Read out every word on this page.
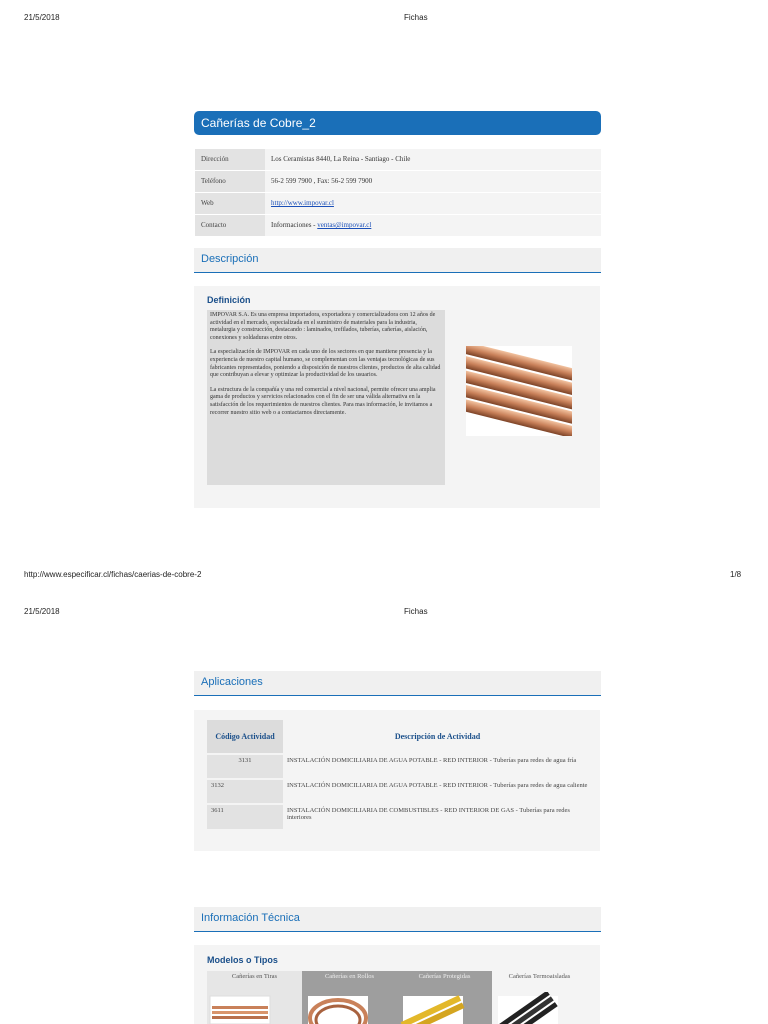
21/5/2018	Fichas
Cañerías de Cobre_2
Dirección	Los Ceramistas 8440, La Reina - Santiago - Chile
Teléfono	56-2 599 7900 , Fax: 56-2 599 7900
Web	http://www.impovar.cl
Contacto	Informaciones - ventas@impovar.cl
Descripción
Definición

IMPOVAR S.A. Es una empresa importadora, exportadora y comercializadora con 12 años de actividad en el mercado, especializada en el suministro de materiales para la industria, metalurgia y construcción, destacando : laminados, trefilados, tuberías, cañerías, aislación, conexiones y soldaduras entre otros.

La especialización de IMPOVAR en cada uno de los sectores en que mantiene presencia y la experiencia de nuestro capital humano, se complementan con las ventajas tecnológicas de sus fabricantes representados, poniendo a disposición de nuestros clientes, productos de alta calidad que contribuyan a elevar y optimizar la productividad de los usuarios.

La estructura de la compañía y una red comercial a nivel nacional, permite ofrecer una amplia gama de productos y servicios relacionados con el fin de ser una válida alternativa en la satisfacción de los requerimientos de nuestros clientes. Para mas información, le invitamos a recorrer nuestro sitio web o a contactarnos directamente.

http://www.especificar.cl/fichas/caerias-de-cobre-2	1/8
21/5/2018	Fichas
Aplicaciones
Código Actividad	Descripción de Actividad
3131	INSTALACIÓN DOMICILIARIA DE AGUA POTABLE - RED INTERIOR - Tuberías para redes de agua fría
3132	INSTALACIÓN DOMICILIARIA DE AGUA POTABLE - RED INTERIOR - Tuberías para redes de agua caliente
3611	INSTALACIÓN DOMICILIARIA DE COMBUSTIBLES - RED INTERIOR DE GAS - Tuberías para redes interiores
Información Técnica
Modelos o Tipos
Cañerías en Tiras	Cañerías en Rollos	Cañerías Protegidas	Cañerías Termoaisladas
